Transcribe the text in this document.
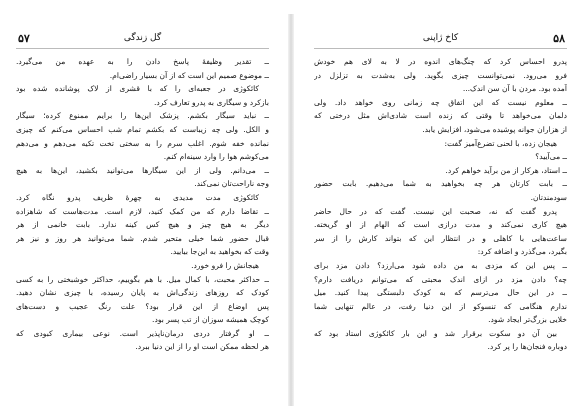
۵۷	گل زندگی
ــ تقدیر وظیفهٔ پاسخ دادن را به عهده من می‌گیرد.
ــ موضوع صمیم این است که از آن بسیار راضی‌ام.
کائکوژی در جعبه‌ای را که با قشری از لاک پوشانده شده بود
بازکرد و سیگاری به پدرو تعارف کرد.
ــ نباید سیگار بکشم. پزشک این‌ها را برایم ممنوع کرده؛ سیگار
و الکل. ولی چه زیباست که بکشم تمام شب احساس می‌کنم که چیزی
نمانده خفه شوم. اغلب سرم را به سختی تخت تکیه می‌دهم و می‌دهم
می‌کوشم هوا را وارد سینه‌ام کنم.
ــ می‌دانم. ولی از این سیگارها می‌توانید بکشید، این‌ها به هیچ
وجه ناراحت‌تان نمی‌کند.
کائکوژی مدت مدیدی به چهرهٔ ظریف پدرو نگاه کرد.
ــ تقاضا دارم که من کمک کنید، لازم است. مدت‌هاست که شاهزاده
دیگر به هیچ چیز و هیچ کس کینه ندارد. بابت خانمی از هر
قبال حضور شما خیلی متحیر شدم. شما می‌توانید هر روز و نیز هر
وقت که بخواهید به این‌جا بیایید.
هیجانش را فرو خورد.
ــ حداکثر محبت، با کمال میل. با هم بگوییم، حداکثر خوشبختی را به کسی
کودک که روزهای زندگی‌اش به پایان رسیده، با چیزی نشان دهید.
پس اوضاع از این قرار بود؟ علت رنگ عجیب و دست‌های
کوچک همیشه سوزان از تب پسر بود.
ــ او گرفتار دردی درمان‌ناپذیر است. نوعی بیماری کبودی که
هر لحظه ممکن است او را از این دنیا ببرد.
۵۸
کاخ ژاپنی
پدرو احساس کرد که چنگ‌های اندوه در لا به لای هم خودش
فرو می‌رود. نمی‌توانست چیزی بگوید. ولی به‌شدت به تزلزل در
آمده بود. مردن با آن سن اندک...
ــ معلوم نیست که این اتفاق چه زمانی روی خواهد داد. ولی
دلمان می‌خواهد تا وقتی که زنده است شادی‌اش مثل درختی که
از هزاران جوانه پوشیده می‌شود، افزایش یابد.
هیجان زده، با لحنی تضرع‌آمیز گفت:
ــ می‌آیید؟
ــ استاد، هرکار از من برآید خواهم کرد.
ــ بابت کارتان هر چه بخواهید به شما می‌دهیم. بابت حضور
سودمندتان.
پدرو گفت که نه، صحبت این نیست. گفت که در حال حاضر
هیچ کاری نمی‌کند و مدت درازی است که الهام از او گریخته.
ساعت‌هایی با کاهلی و در انتظار این که بتواند کارش را از سر
بگیرد، می‌گذرد و اضافه کرد:
ــ پس این که مزدی به من داده شود می‌ارزد؟ دادن مزد برای
چه؟ دادن مزد در ازای اندک محبتی که می‌توانم دریافت دارم؟
ــ در این حال می‌ترسم که به کودک دلبستگی پیدا کنید. میل
ندارم هنگامی که تنسوکو از این دنیا رفت، در عالم تنهایی شما
خلایی بزرگ‌تر ایجاد شود.
بین آن دو سکوت برقرار شد و این بار کائکوژی استاد بود که
دوباره فنجان‌ها را پر کرد.
